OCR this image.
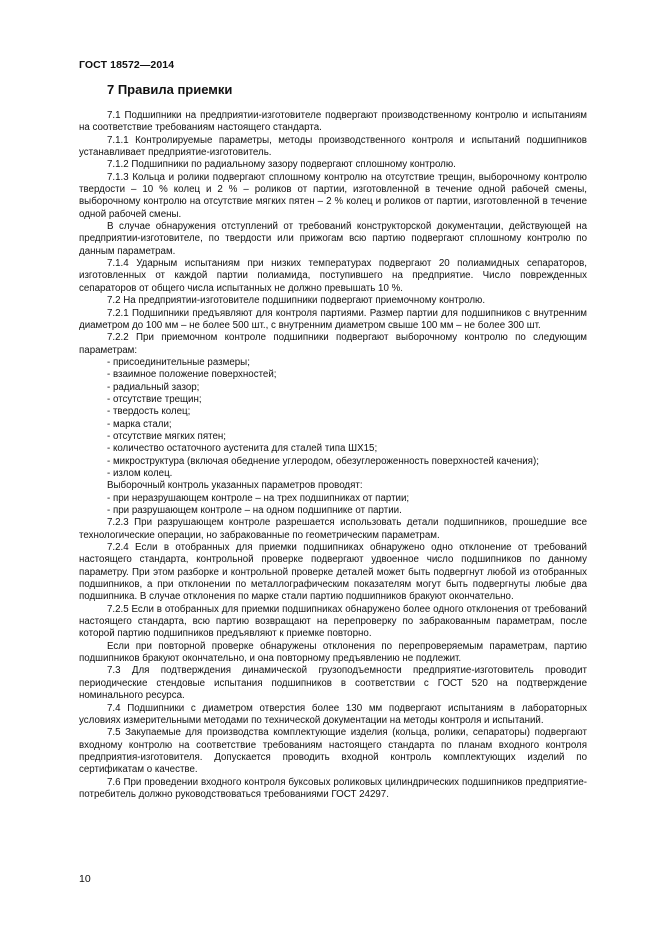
ГОСТ 18572—2014
7 Правила приемки

7.1 Подшипники на предприятии-изготовителе подвергают производственному контролю и испытаниям на соответствие требованиям настоящего стандарта.

7.1.1 Контролируемые параметры, методы производственного контроля и испытаний подшипников устанавливает предприятие-изготовитель.

7.1.2 Подшипники по радиальному зазору подвергают сплошному контролю.

7.1.3 Кольца и ролики подвергают сплошному контролю на отсутствие трещин, выборочному контролю твердости – 10 % колец и 2 % – роликов от партии, изготовленной в течение одной рабочей смены, выборочному контролю на отсутствие мягких пятен – 2 % колец и роликов от партии, изготовленной в течение одной рабочей смены.

В случае обнаружения отступлений от требований конструкторской документации, действующей на предприятии-изготовителе, по твердости или прижогам всю партию подвергают сплошному контролю по данным параметрам.

7.1.4 Ударным испытаниям при низких температурах подвергают 20 полиамидных сепараторов, изготовленных от каждой партии полиамида, поступившего на предприятие. Число поврежденных сепараторов от общего числа испытанных не должно превышать 10 %.

7.2 На предприятии-изготовителе подшипники подвергают приемочному контролю.

7.2.1 Подшипники предъявляют для контроля партиями. Размер партии для подшипников с внутренним диаметром до 100 мм – не более 500 шт., с внутренним диаметром свыше 100 мм – не более 300 шт.

7.2.2 При приемочном контроле подшипники подвергают выборочному контролю по следующим параметрам:

- присоединительные размеры;

- взаимное положение поверхностей;

- радиальный зазор;

- отсутствие трещин;

- твердость колец;

- марка стали;

- отсутствие мягких пятен;

- количество остаточного аустенита для сталей типа ШХ15;

- микроструктура (включая обеднение углеродом, обезуглероженность поверхностей качения);

- излом колец.

Выборочный контроль указанных параметров проводят:

- при неразрушающем контроле – на трех подшипниках от партии;

- при разрушающем контроле – на одном подшипнике от партии.

7.2.3 При разрушающем контроле разрешается использовать детали подшипников, прошедшие все технологические операции, но забракованные по геометрическим параметрам.

7.2.4 Если в отобранных для приемки подшипниках обнаружено одно отклонение от требований настоящего стандарта, контрольной проверке подвергают удвоенное число подшипников по данному параметру. При этом разборке и контрольной проверке деталей может быть подвергнут любой из отобранных подшипников, а при отклонении по металлографическим показателям могут быть подвергнуты любые два подшипника. В случае отклонения по марке стали партию подшипников бракуют окончательно.

7.2.5 Если в отобранных для приемки подшипниках обнаружено более одного отклонения от требований настоящего стандарта, всю партию возвращают на перепроверку по забракованным параметрам, после которой партию подшипников предъявляют к приемке повторно.

Если при повторной проверке обнаружены отклонения по перепроверяемым параметрам, партию подшипников бракуют окончательно, и она повторному предъявлению не подлежит.

7.3 Для подтверждения динамической грузоподъемности предприятие-изготовитель проводит периодические стендовые испытания подшипников в соответствии с ГОСТ 520 на подтверждение номинального ресурса.

7.4 Подшипники с диаметром отверстия более 130 мм подвергают испытаниям в лабораторных условиях измерительными методами по технической документации на методы контроля и испытаний.

7.5 Закупаемые для производства комплектующие изделия (кольца, ролики, сепараторы) подвергают входному контролю на соответствие требованиям настоящего стандарта по планам входного контроля предприятия-изготовителя. Допускается проводить входной контроль комплектующих изделий по сертификатам о качестве.

7.6 При проведении входного контроля буксовых роликовых цилиндрических подшипников предприятие-потребитель должно руководствоваться требованиями ГОСТ 24297.

10
